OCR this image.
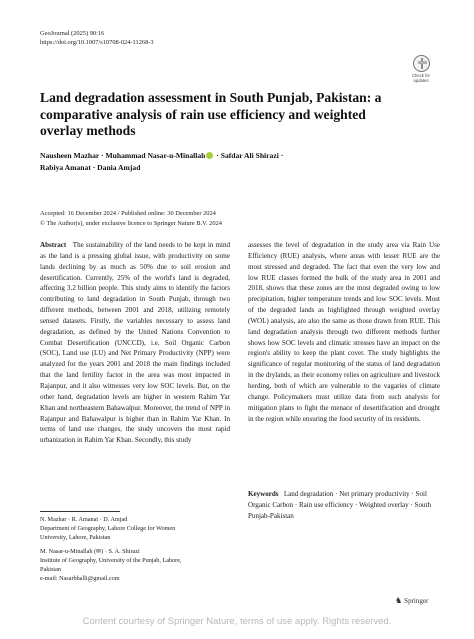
GeoJournal (2025) 90:16
https://doi.org/10.1007/s10708-024-11268-3
Check for
updates
Land degradation assessment in South Punjab, Pakistan: a comparative analysis of rain use efficiency and weighted overlay methods
Nausheen Mazhar · Muhammad Nasar-u-Minallah · Safdar Ali Shirazi ·
Rabiya Amanat · Dania Amjad
Accepted: 16 December 2024 / Published online: 30 December 2024
© The Author(s), under exclusive licence to Springer Nature B.V. 2024
Abstract The sustainability of the land needs to be kept in mind as the land is a pressing global issue, with productivity on some lands declining by as much as 50% due to soil erosion and desertification. Currently, 25% of the world's land is degraded, affecting 3.2 billion people. This study aims to identify the factors contributing to land degradation in South Punjab, through two different methods, between 2001 and 2018, utilizing remotely sensed datasets. Firstly, the variables necessary to assess land degradation, as defined by the United Nations Convention to Combat Desertification (UNCCD), i.e. Soil Organic Carbon (SOC), Land use (LU) and Net Primary Productivity (NPP) were analyzed for the years 2001 and 2018 the main findings included that the land fertility factor in the area was most impacted in Rajanpur, and it also witnesses very low SOC levels. But, on the other hand, degradation levels are higher in western Rahim Yar Khan and northeastern Bahawalpur. Moreover, the trend of NPP in Rajanpur and Bahawalpur is higher than in Rahim Yar Khan. In terms of land use changes, the study uncovers the most rapid urbanization in Rahim Yar Khan. Secondly, this study
assesses the level of degradation in the study area via Rain Use Efficiency (RUE) analysis, where areas with lesser RUE are the most stressed and degraded. The fact that even the very low and low RUE classes formed the bulk of the study area in 2001 and 2018, shows that these zones are the most degraded owing to low precipitation, higher temperature trends and low SOC levels. Most of the degraded lands as highlighted through weighted overlay (WOL) analysis, are also the same as those drawn from RUE. This land degradation analysis through two different methods further shows how SOC levels and climatic stresses have an impact on the region's ability to keep the plant cover. The study highlights the significance of regular monitoring of the status of land degradation in the drylands, as their economy relies on agriculture and livestock herding, both of which are vulnerable to the vagaries of climate change. Policymakers must utilize data from such analysis for mitigation plans to fight the menace of desertification and drought in the region while ensuring the food security of its residents.
Keywords Land degradation · Net primary productivity · Soil Organic Carbon · Rain use efficiency · Weighted overlay · South Punjab-Pakistan
N. Mazhar · R. Amanat · D. Amjad
Department of Geography, Lahore College for Women
University, Lahore, Pakistan
M. Nasar-u-Minallah (✉) · S. A. Shirazi
Institute of Geography, University of the Punjab, Lahore,
Pakistan
e-mail: Nasarbhalli@gmail.com
♞ Springer
Content courtesy of Springer Nature, terms of use apply. Rights reserved.
